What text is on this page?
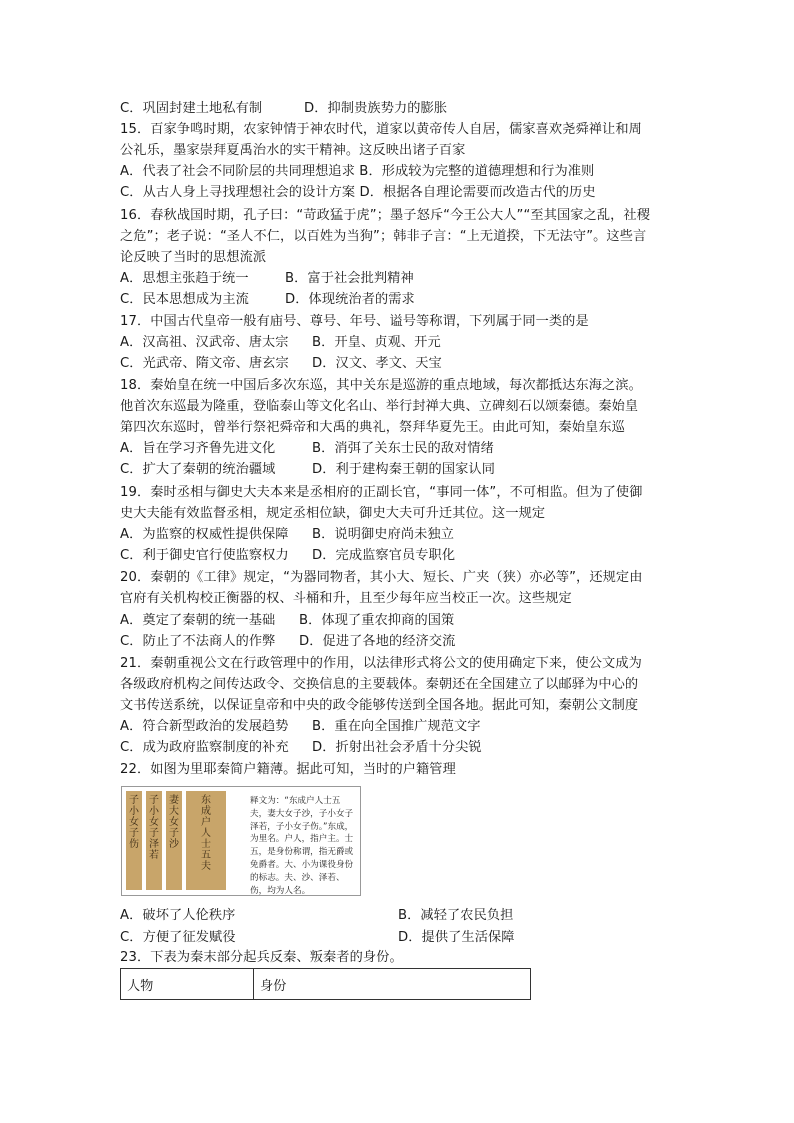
C．巩固封建土地私有制	D．抑制贵族势力的膨胀
15．百家争鸣时期，农家钟情于神农时代，道家以黄帝传人自居，儒家喜欢尧舜禅让和周
公礼乐，墨家崇拜夏禹治水的实干精神。这反映出诸子百家
A．代表了社会不同阶层的共同理想追求 B．形成较为完整的道德理想和行为准则
C．从古人身上寻找理想社会的设计方案 D．根据各自理论需要而改造古代的历史
16．春秋战国时期，孔子曰：“苛政猛于虎”；墨子怒斥“今王公大人”“至其国家之乱，社稷
之危”；老子说：“圣人不仁，以百姓为当狗”；韩非子言：“上无道揆，下无法守”。这些言
论反映了当时的思想流派
A．思想主张趋于统一	B．富于社会批判精神
C．民本思想成为主流	D．体现统治者的需求
17．中国古代皇帝一般有庙号、尊号、年号、谥号等称谓，下列属于同一类的是
A．汉高祖、汉武帝、唐太宗 B．开皇、贞观、开元
C．光武帝、隋文帝、唐玄宗 D．汉文、孝文、天宝
18．秦始皇在统一中国后多次东巡，其中关东是巡游的重点地域，每次都抵达东海之滨。
他首次东巡最为隆重，登临泰山等文化名山、举行封禅大典、立碑刻石以颂秦德。秦始皇
第四次东巡时，曾举行祭祀舜帝和大禹的典礼，祭拜华夏先王。由此可知，秦始皇东巡
A．旨在学习齐鲁先进文化	B．消弭了关东士民的敌对情绪
C．扩大了秦朝的统治疆域	D．利于建构秦王朝的国家认同
19．秦时丞相与御史大夫本来是丞相府的正副长官，“事同一体”，不可相监。但为了使御
史大夫能有效监督丞相，规定丞相位缺，御史大夫可升迁其位。这一规定
A．为监察的权威性提供保障 B．说明御史府尚未独立
C．利于御史官行使监察权力 D．完成监察官员专职化
20．秦朝的《工律》规定，“为器同物者，其小大、短长、广夹（狭）亦必等”，还规定由
官府有关机构校正衡器的权、斗桶和升，且至少每年应当校正一次。这些规定
A．奠定了秦朝的统一基础 B．体现了重农抑商的国策
C．防止了不法商人的作弊 D．促进了各地的经济交流
21．秦朝重视公文在行政管理中的作用，以法律形式将公文的使用确定下来，使公文成为
各级政府机构之间传达政令、交换信息的主要载体。秦朝还在全国建立了以邮驿为中心的
文书传送系统，以保证皇帝和中央的政令能够传送到全国各地。据此可知，秦朝公文制度
A．符合新型政治的发展趋势 B．重在向全国推广规范文字
C．成为政府监察制度的补充 D．折射出社会矛盾十分尖锐
22．如图为里耶秦简户籍薄。据此可知，当时的户籍管理
子
小
女
子
伤
子
小
女
子
泽
若
妻
大
女
子
沙
东
成
户
人
士
五
夫
释文为：“东成户人士五夫，妻大女子沙，子小女子泽若，子小女子伤。”东成，为里名。户人，指户主。士五，是身份称谓，指无爵或免爵者。大、小为课役身份的标志。夫、沙、泽若、伤，均为人名。
A．破坏了人伦秩序	B．减轻了农民负担
C．方便了征发赋役	D．提供了生活保障
23．下表为秦末部分起兵反秦、叛秦者的身份。
人物	身份
